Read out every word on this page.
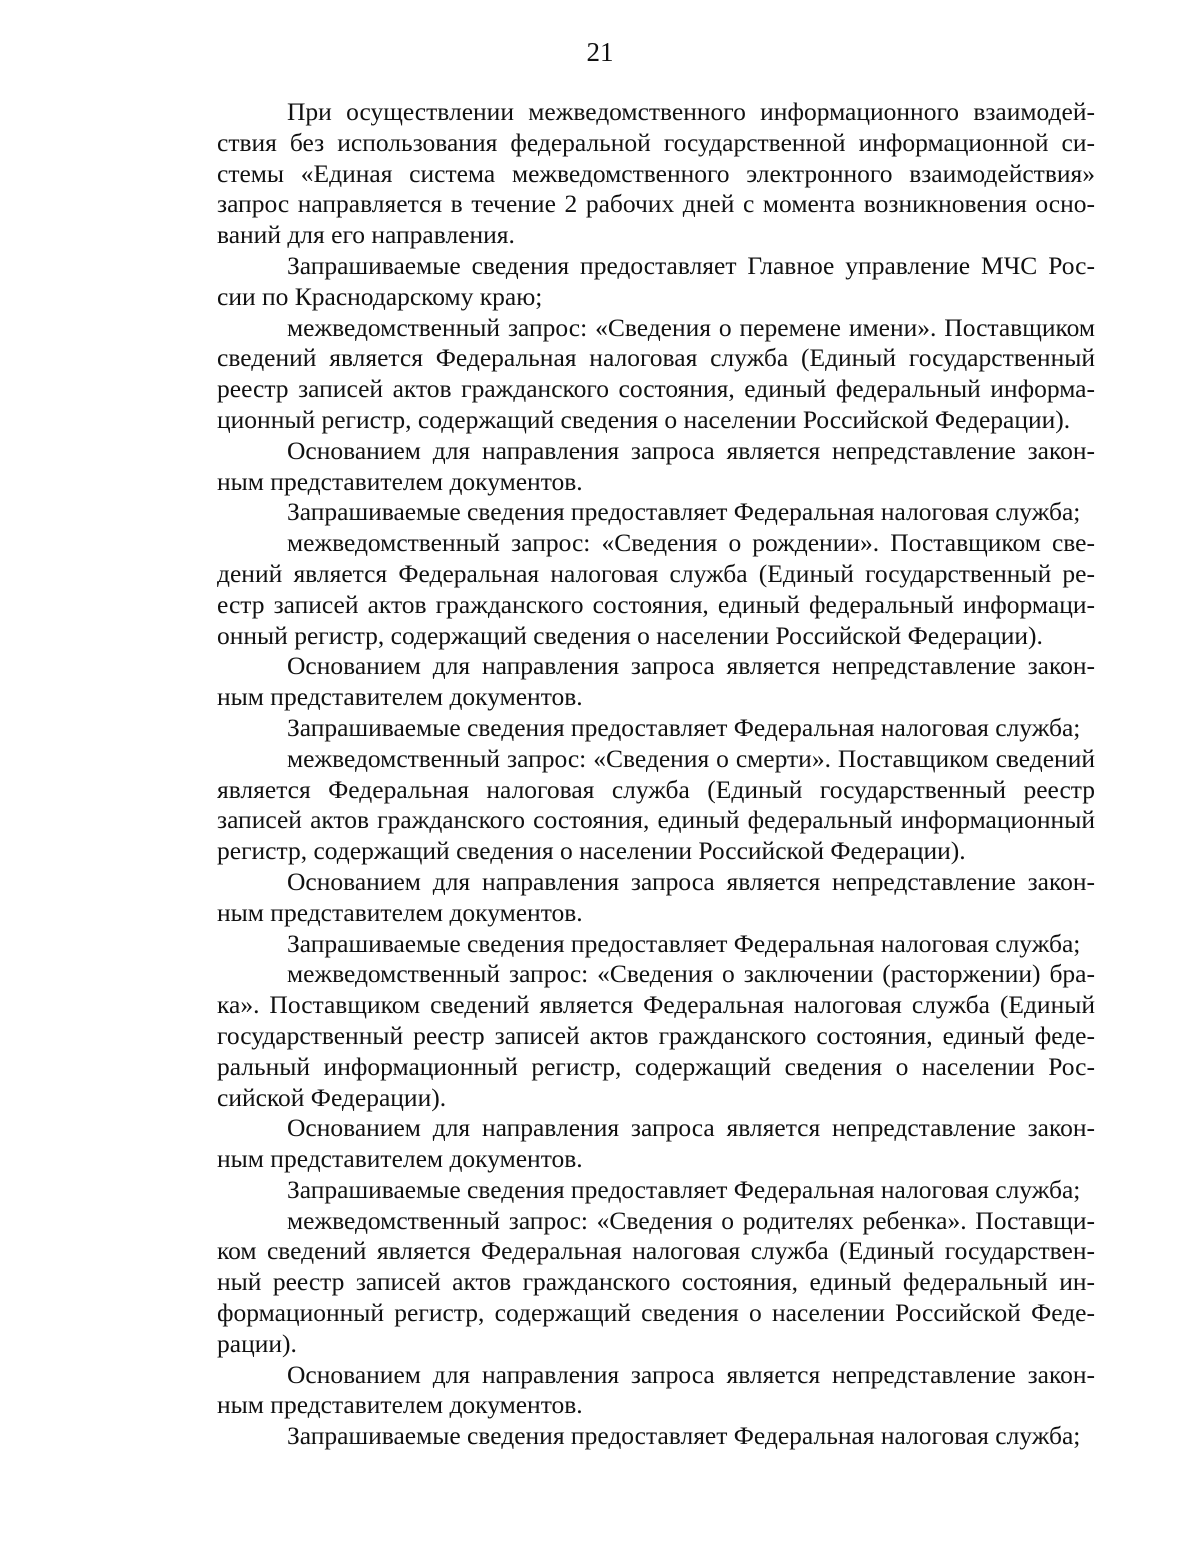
21

При осуществлении межведомственного информационного взаимодействия без использования федеральной государственной информационной системы «Единая система межведомственного электронного взаимодействия» запрос направляется в течение 2 рабочих дней с момента возникновения оснований для его направления.

Запрашиваемые сведения предоставляет Главное управление МЧС России по Краснодарскому краю;

межведомственный запрос: «Сведения о перемене имени». Поставщиком сведений является Федеральная налоговая служба (Единый государственный реестр записей актов гражданского состояния, единый федеральный информационный регистр, содержащий сведения о населении Российской Федерации).

Основанием для направления запроса является непредставление законным представителем документов.

Запрашиваемые сведения предоставляет Федеральная налоговая служба;

межведомственный запрос: «Сведения о рождении». Поставщиком сведений является Федеральная налоговая служба (Единый государственный реестр записей актов гражданского состояния, единый федеральный информационный регистр, содержащий сведения о населении Российской Федерации).

Основанием для направления запроса является непредставление законным представителем документов.

Запрашиваемые сведения предоставляет Федеральная налоговая служба;

межведомственный запрос: «Сведения о смерти». Поставщиком сведений является Федеральная налоговая служба (Единый государственный реестр записей актов гражданского состояния, единый федеральный информационный регистр, содержащий сведения о населении Российской Федерации).

Основанием для направления запроса является непредставление законным представителем документов.

Запрашиваемые сведения предоставляет Федеральная налоговая служба;

межведомственный запрос: «Сведения о заключении (расторжении) брака». Поставщиком сведений является Федеральная налоговая служба (Единый государственный реестр записей актов гражданского состояния, единый федеральный информационный регистр, содержащий сведения о населении Российской Федерации).

Основанием для направления запроса является непредставление законным представителем документов.

Запрашиваемые сведения предоставляет Федеральная налоговая служба;

межведомственный запрос: «Сведения о родителях ребенка». Поставщиком сведений является Федеральная налоговая служба (Единый государственный реестр записей актов гражданского состояния, единый федеральный информационный регистр, содержащий сведения о населении Российской Федерации).

Основанием для направления запроса является непредставление законным представителем документов.

Запрашиваемые сведения предоставляет Федеральная налоговая служба;
